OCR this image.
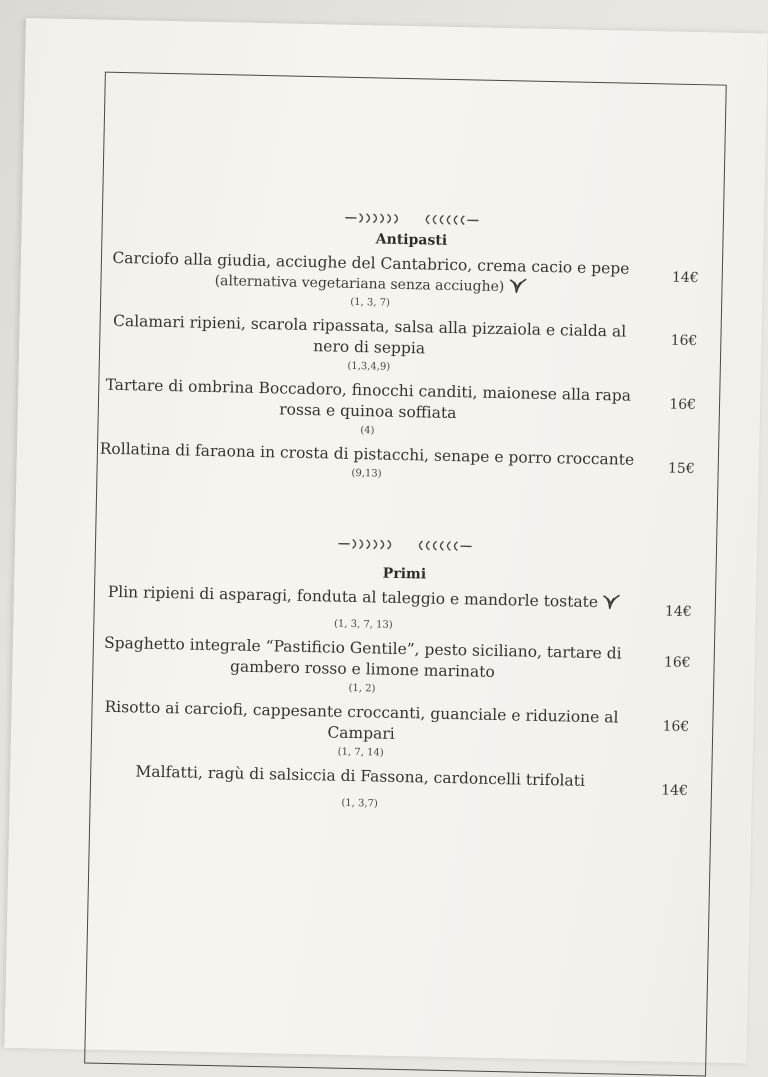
Antipasti
Carciofo alla giudia, acciughe del Cantabrico, crema cacio e pepe
(alternativa vegetariana senza acciughe)
(1, 3, 7)
14€
Calamari ripieni, scarola ripassata, salsa alla pizzaiola e cialda al nero di seppia
(1,3,4,9)
16€
Tartare di ombrina Boccadoro, finocchi canditi, maionese alla rapa rossa e quinoa soffiata
(4)
16€
Rollatina di faraona in crosta di pistacchi, senape e porro croccante
(9,13)	15€
Primi
Plin ripieni di asparagi, fonduta al taleggio e mandorle tostate
(1, 3, 7, 13)
14€
Spaghetto integrale “Pastificio Gentile”, pesto siciliano, tartare di gambero rosso e limone marinato
(1, 2)
16€
Risotto ai carciofi, cappesante croccanti, guanciale e riduzione al Campari
(1, 7, 14)
16€
Malfatti, ragù di salsiccia di Fassona, cardoncelli trifolati
(1, 3,7)
14€
